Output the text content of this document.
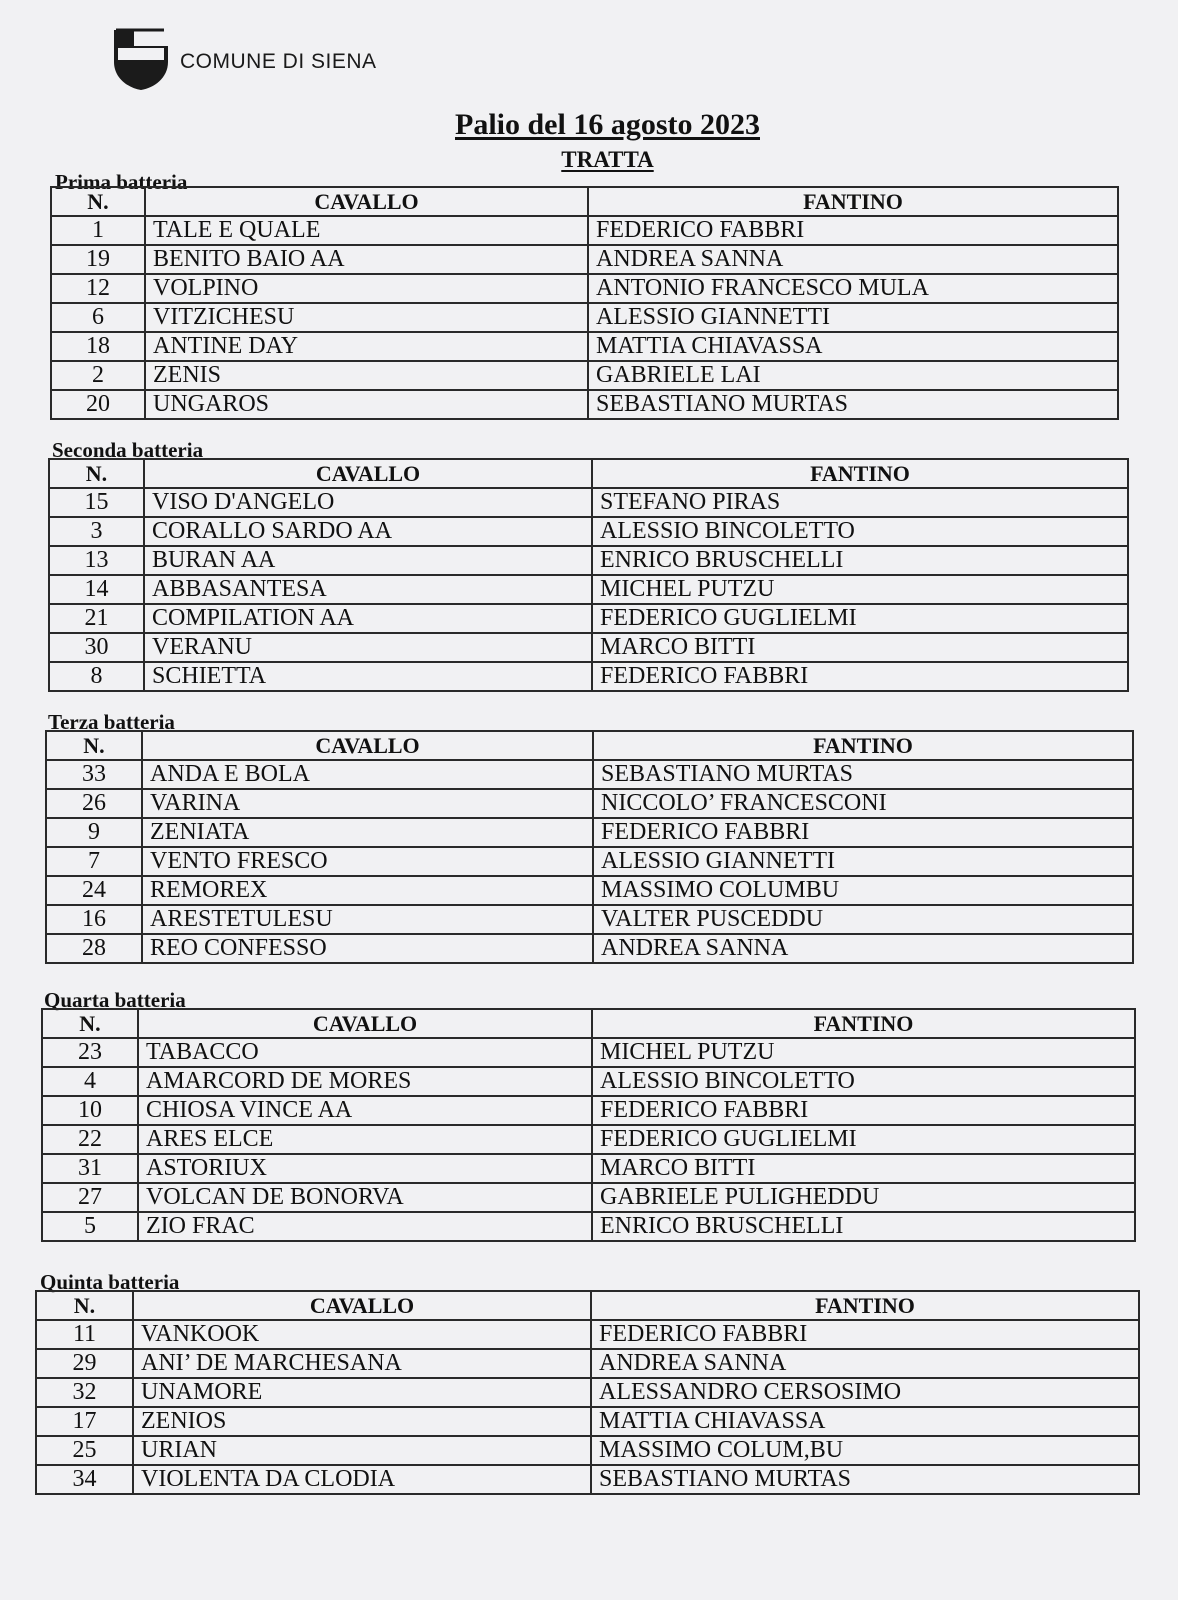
COMUNE DI SIENA
Palio del 16 agosto 2023
TRATTA
Prima batteria
N.	CAVALLO	FANTINO
1	TALE E QUALE	FEDERICO FABBRI
19	BENITO BAIO AA	ANDREA SANNA
12	VOLPINO	ANTONIO FRANCESCO MULA
6	VITZICHESU	ALESSIO GIANNETTI
18	ANTINE DAY	MATTIA CHIAVASSA
2	ZENIS	GABRIELE LAI
20	UNGAROS	SEBASTIANO MURTAS
Seconda batteria
N.	CAVALLO	FANTINO
15	VISO D'ANGELO	STEFANO PIRAS
3	CORALLO SARDO AA	ALESSIO BINCOLETTO
13	BURAN AA	ENRICO BRUSCHELLI
14	ABBASANTESA	MICHEL PUTZU
21	COMPILATION AA	FEDERICO GUGLIELMI
30	VERANU	MARCO BITTI
8	SCHIETTA	FEDERICO FABBRI
Terza batteria
N.	CAVALLO	FANTINO
33	ANDA E BOLA	SEBASTIANO MURTAS
26	VARINA	NICCOLO’ FRANCESCONI
9	ZENIATA	FEDERICO FABBRI
7	VENTO FRESCO	ALESSIO GIANNETTI
24	REMOREX	MASSIMO COLUMBU
16	ARESTETULESU	VALTER PUSCEDDU
28	REO CONFESSO	ANDREA SANNA
Quarta batteria
N.	CAVALLO	FANTINO
23	TABACCO	MICHEL PUTZU
4	AMARCORD DE MORES	ALESSIO BINCOLETTO
10	CHIOSA VINCE AA	FEDERICO FABBRI
22	ARES ELCE	FEDERICO GUGLIELMI
31	ASTORIUX	MARCO BITTI
27	VOLCAN DE BONORVA	GABRIELE PULIGHEDDU
5	ZIO FRAC	ENRICO BRUSCHELLI
Quinta batteria
N.	CAVALLO	FANTINO
11	VANKOOK	FEDERICO FABBRI
29	ANI’ DE MARCHESANA	ANDREA SANNA
32	UNAMORE	ALESSANDRO CERSOSIMO
17	ZENIOS	MATTIA CHIAVASSA
25	URIAN	MASSIMO COLUM,BU
34	VIOLENTA DA CLODIA	SEBASTIANO MURTAS
